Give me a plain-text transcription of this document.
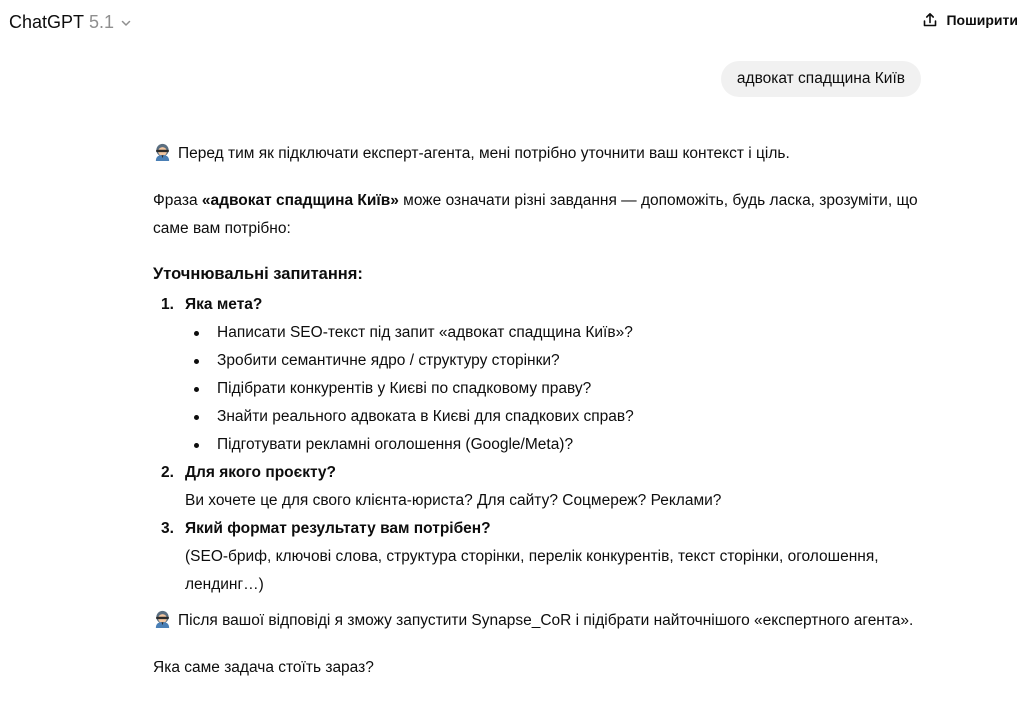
ChatGPT 5.1	Поширити
адвокат спадщина Київ

Перед тим як підключати експерт-агента, мені потрібно уточнити ваш контекст і ціль.

Фраза «адвокат спадщина Київ» може означати різні завдання — допоможіть, будь ласка, зрозуміти, що саме вам потрібно:

Уточнювальні запитання:
1. Яка мета?
Написати SEO-текст під запит «адвокат спадщина Київ»?
Зробити семантичне ядро / структуру сторінки?
Підібрати конкурентів у Києві по спадковому праву?
Знайти реального адвоката в Києві для спадкових справ?
Підготувати рекламні оголошення (Google/Meta)?
2. Для якого проєкту?
Ви хочете це для свого клієнта-юриста? Для сайту? Соцмереж? Реклами?
3. Який формат результату вам потрібен?
(SEO-бриф, ключові слова, структура сторінки, перелік конкурентів, текст сторінки, оголошення, лендинг…)

Після вашої відповіді я зможу запустити Synapse_CoR і підібрати найточнішого «експертного агента».

Яка саме задача стоїть зараз?
